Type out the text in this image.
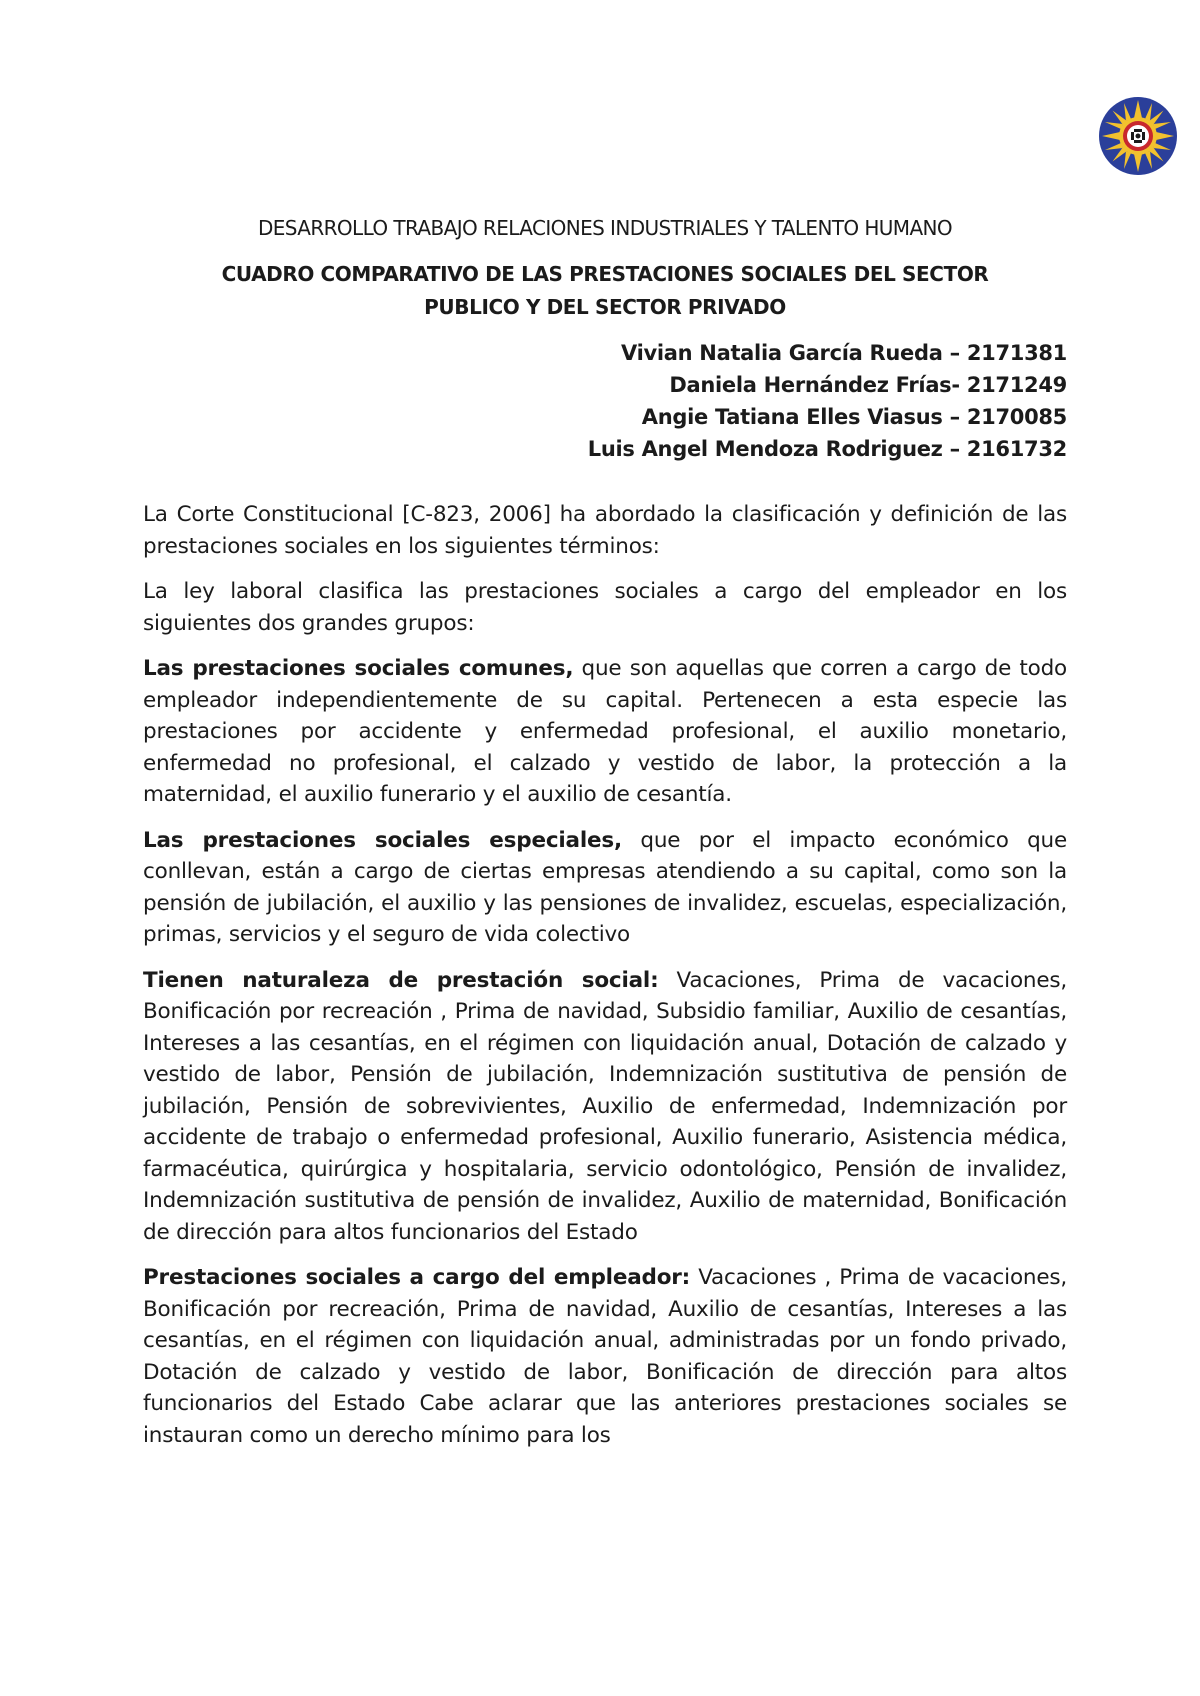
DESARROLLO TRABAJO RELACIONES INDUSTRIALES Y TALENTO HUMANO
CUADRO COMPARATIVO DE LAS PRESTACIONES SOCIALES DEL SECTOR
PUBLICO Y DEL SECTOR PRIVADO
Vivian Natalia García Rueda – 2171381
Daniela Hernández Frías- 2171249
Angie Tatiana Elles Viasus – 2170085
Luis Angel Mendoza Rodriguez – 2161732

La Corte Constitucional [C-823, 2006] ha abordado la clasificación y definición de las prestaciones sociales en los siguientes términos:

La ley laboral clasifica las prestaciones sociales a cargo del empleador en los siguientes dos grandes grupos:

Las prestaciones sociales comunes, que son aquellas que corren a cargo de todo empleador independientemente de su capital. Pertenecen a esta especie las prestaciones por accidente y enfermedad profesional, el auxilio monetario, enfermedad no profesional, el calzado y vestido de labor, la protección a la maternidad, el auxilio funerario y el auxilio de cesantía.

Las prestaciones sociales especiales, que por el impacto económico que conllevan, están a cargo de ciertas empresas atendiendo a su capital, como son la pensión de jubilación, el auxilio y las pensiones de invalidez, escuelas, especialización, primas, servicios y el seguro de vida colectivo

Tienen naturaleza de prestación social: Vacaciones, Prima de vacaciones, Bonificación por recreación , Prima de navidad, Subsidio familiar, Auxilio de cesantías, Intereses a las cesantías, en el régimen con liquidación anual, Dotación de calzado y vestido de labor, Pensión de jubilación, Indemnización sustitutiva de pensión de jubilación, Pensión de sobrevivientes, Auxilio de enfermedad, Indemnización por accidente de trabajo o enfermedad profesional, Auxilio funerario, Asistencia médica, farmacéutica, quirúrgica y hospitalaria, servicio odontológico, Pensión de invalidez, Indemnización sustitutiva de pensión de invalidez, Auxilio de maternidad, Bonificación de dirección para altos funcionarios del Estado

Prestaciones sociales a cargo del empleador: Vacaciones , Prima de vacaciones, Bonificación por recreación, Prima de navidad, Auxilio de cesantías, Intereses a las cesantías, en el régimen con liquidación anual, administradas por un fondo privado, Dotación de calzado y vestido de labor, Bonificación de dirección para altos funcionarios del Estado Cabe aclarar que las anteriores prestaciones sociales se instauran como un derecho mínimo para los
